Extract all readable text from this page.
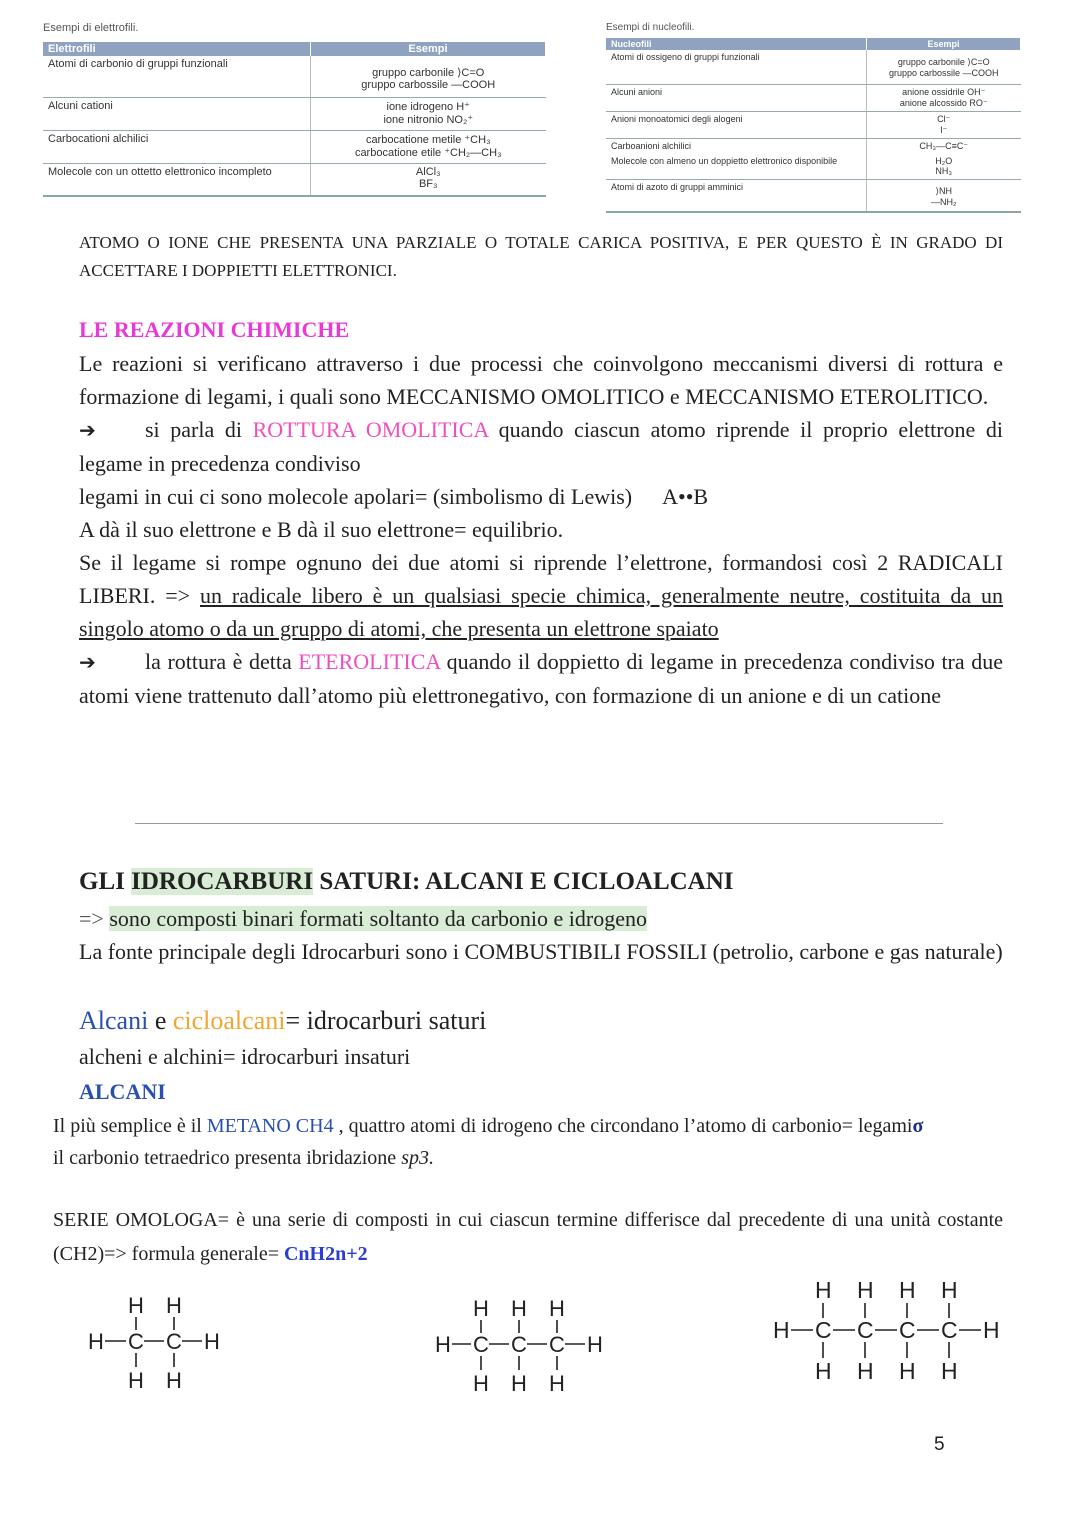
Esempi di elettrofili.
Elettrofili	Esempi
Atomi di carbonio di gruppi funzionali	gruppo carbonile ⟩C=O
gruppo carbossile —COOH

Alcuni cationi	ione idrogeno H⁺
ione nitronio NO₂⁺

Carbocationi alchilici	carbocatione metile ⁺CH₃
carbocatione etile ⁺CH₂—CH₃

Molecole con un ottetto elettronico incompleto	AlCl₃
BF₃
Esempi di nucleofili.
Nucleofili	Esempi
Atomi di ossigeno di gruppi funzionali	gruppo carbonile ⟩C=O
gruppo carbossile —COOH

Alcuni anioni	anione ossidrile OH⁻
anione alcossido RO⁻

Anioni monoatomici degli alogeni	Cl⁻
I⁻

Carboanioni alchilici	CH₃—C≡C⁻
Molecole con almeno un doppietto elettronico disponibile	H₂O
NH₃

Atomi di azoto di gruppi amminici	⟩NH
—NH₂
ATOMO O IONE CHE PRESENTA UNA PARZIALE O TOTALE CARICA POSITIVA, E PER QUESTO È IN GRADO DI ACCETTARE I DOPPIETTI ELETTRONICI.
LE REAZIONI CHIMICHE
Le reazioni si verificano attraverso i due processi che coinvolgono meccanismi diversi di rottura e formazione di legami, i quali sono MECCANISMO OMOLITICO e MECCANISMO ETEROLITICO.
➔ si parla di ROTTURA OMOLITICA quando ciascun atomo riprende il proprio elettrone di legame in precedenza condiviso
legami in cui ci sono molecole apolari= (simbolismo di Lewis) A••B
A dà il suo elettrone e B dà il suo elettrone= equilibrio.
Se il legame si rompe ognuno dei due atomi si riprende l’elettrone, formandosi così 2 RADICALI LIBERI. => un radicale libero è un qualsiasi specie chimica, generalmente neutre, costituita da un singolo atomo o da un gruppo di atomi, che presenta un elettrone spaiato
➔ la rottura è detta ETEROLITICA quando il doppietto di legame in precedenza condiviso tra due atomi viene trattenuto dall’atomo più elettronegativo, con formazione di un anione e di un catione
GLI IDROCARBURI SATURI: ALCANI E CICLOALCANI
=> sono composti binari formati soltanto da carbonio e idrogeno
La fonte principale degli Idrocarburi sono i COMBUSTIBILI FOSSILI (petrolio, carbone e gas naturale)
Alcani e cicloalcani= idrocarburi saturi
alcheni e alchini= idrocarburi insaturi
ALCANI
Il più semplice è il METANO CH4 , quattro atomi di idrogeno che circondano l’atomo di carbonio= legamiσ
il carbonio tetraedrico presenta ibridazione sp3.
SERIE OMOLOGA= è una serie di composti in cui ciascun termine differisce dal precedente di una unità costante (CH2)=> formula generale= CnH2n+2
H H
H C C H
H H
H H H
H C C C H
H H H
H H H H
H C C C C H
H H H H
5
